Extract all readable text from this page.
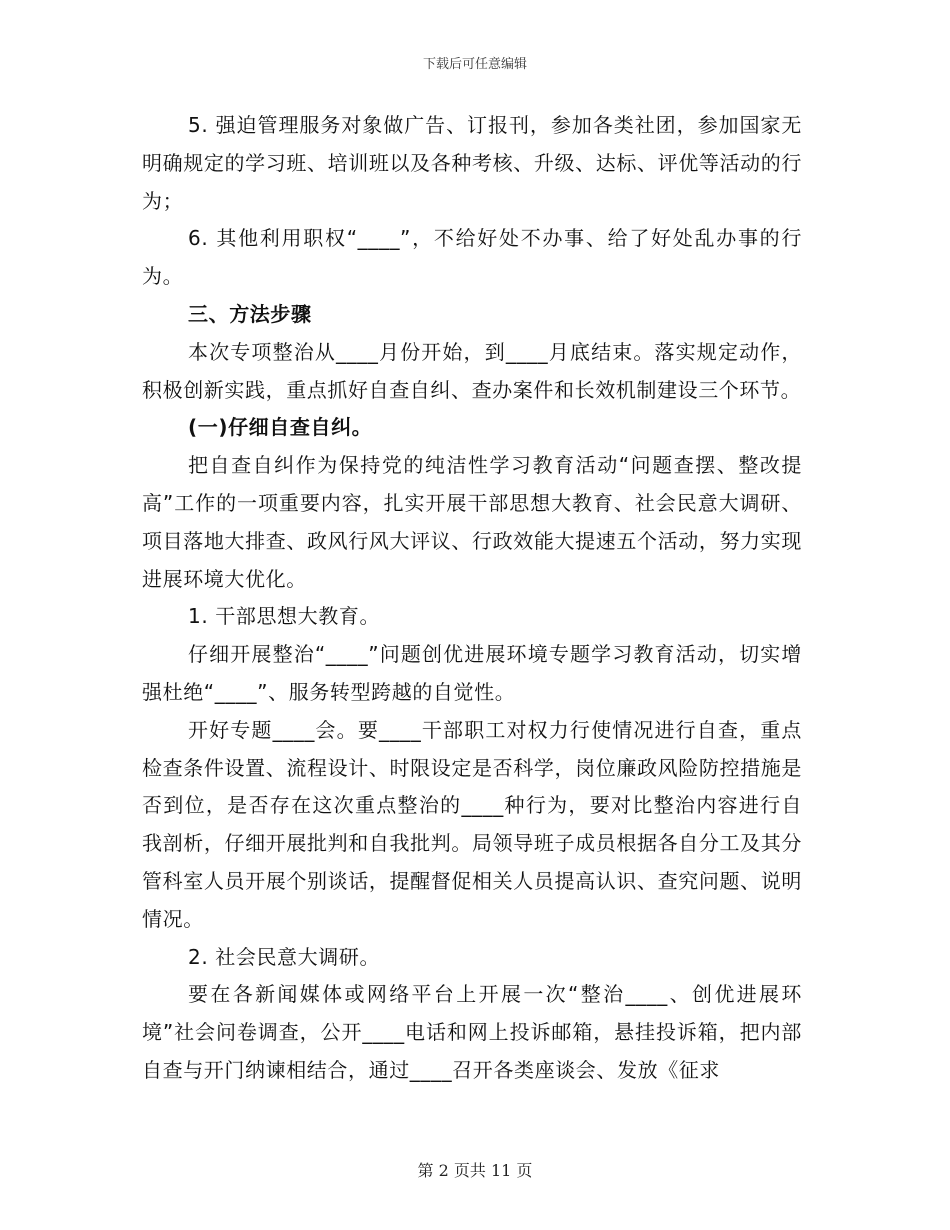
下载后可任意编辑

5. 强迫管理服务对象做广告、订报刊，参加各类社团，参加国家无明确规定的学习班、培训班以及各种考核、升级、达标、评优等活动的行为；

6. 其他利用职权“____”，不给好处不办事、给了好处乱办事的行为。

三、方法步骤

本次专项整治从____月份开始，到____月底结束。落实规定动作，积极创新实践，重点抓好自查自纠、查办案件和长效机制建设三个环节。

(一)仔细自查自纠。

把自查自纠作为保持党的纯洁性学习教育活动“问题查摆、整改提高”工作的一项重要内容，扎实开展干部思想大教育、社会民意大调研、项目落地大排查、政风行风大评议、行政效能大提速五个活动，努力实现进展环境大优化。

1. 干部思想大教育。

仔细开展整治“____”问题创优进展环境专题学习教育活动，切实增强杜绝“____”、服务转型跨越的自觉性。

开好专题____会。要____干部职工对权力行使情况进行自查，重点检查条件设置、流程设计、时限设定是否科学，岗位廉政风险防控措施是否到位，是否存在这次重点整治的____种行为，要对比整治内容进行自我剖析，仔细开展批判和自我批判。局领导班子成员根据各自分工及其分管科室人员开展个别谈话，提醒督促相关人员提高认识、查究问题、说明情况。

2. 社会民意大调研。

要在各新闻媒体或网络平台上开展一次“整治____、创优进展环境”社会问卷调查，公开____电话和网上投诉邮箱，悬挂投诉箱，把内部自查与开门纳谏相结合，通过____召开各类座谈会、发放《征求

第 2 页共 11 页
